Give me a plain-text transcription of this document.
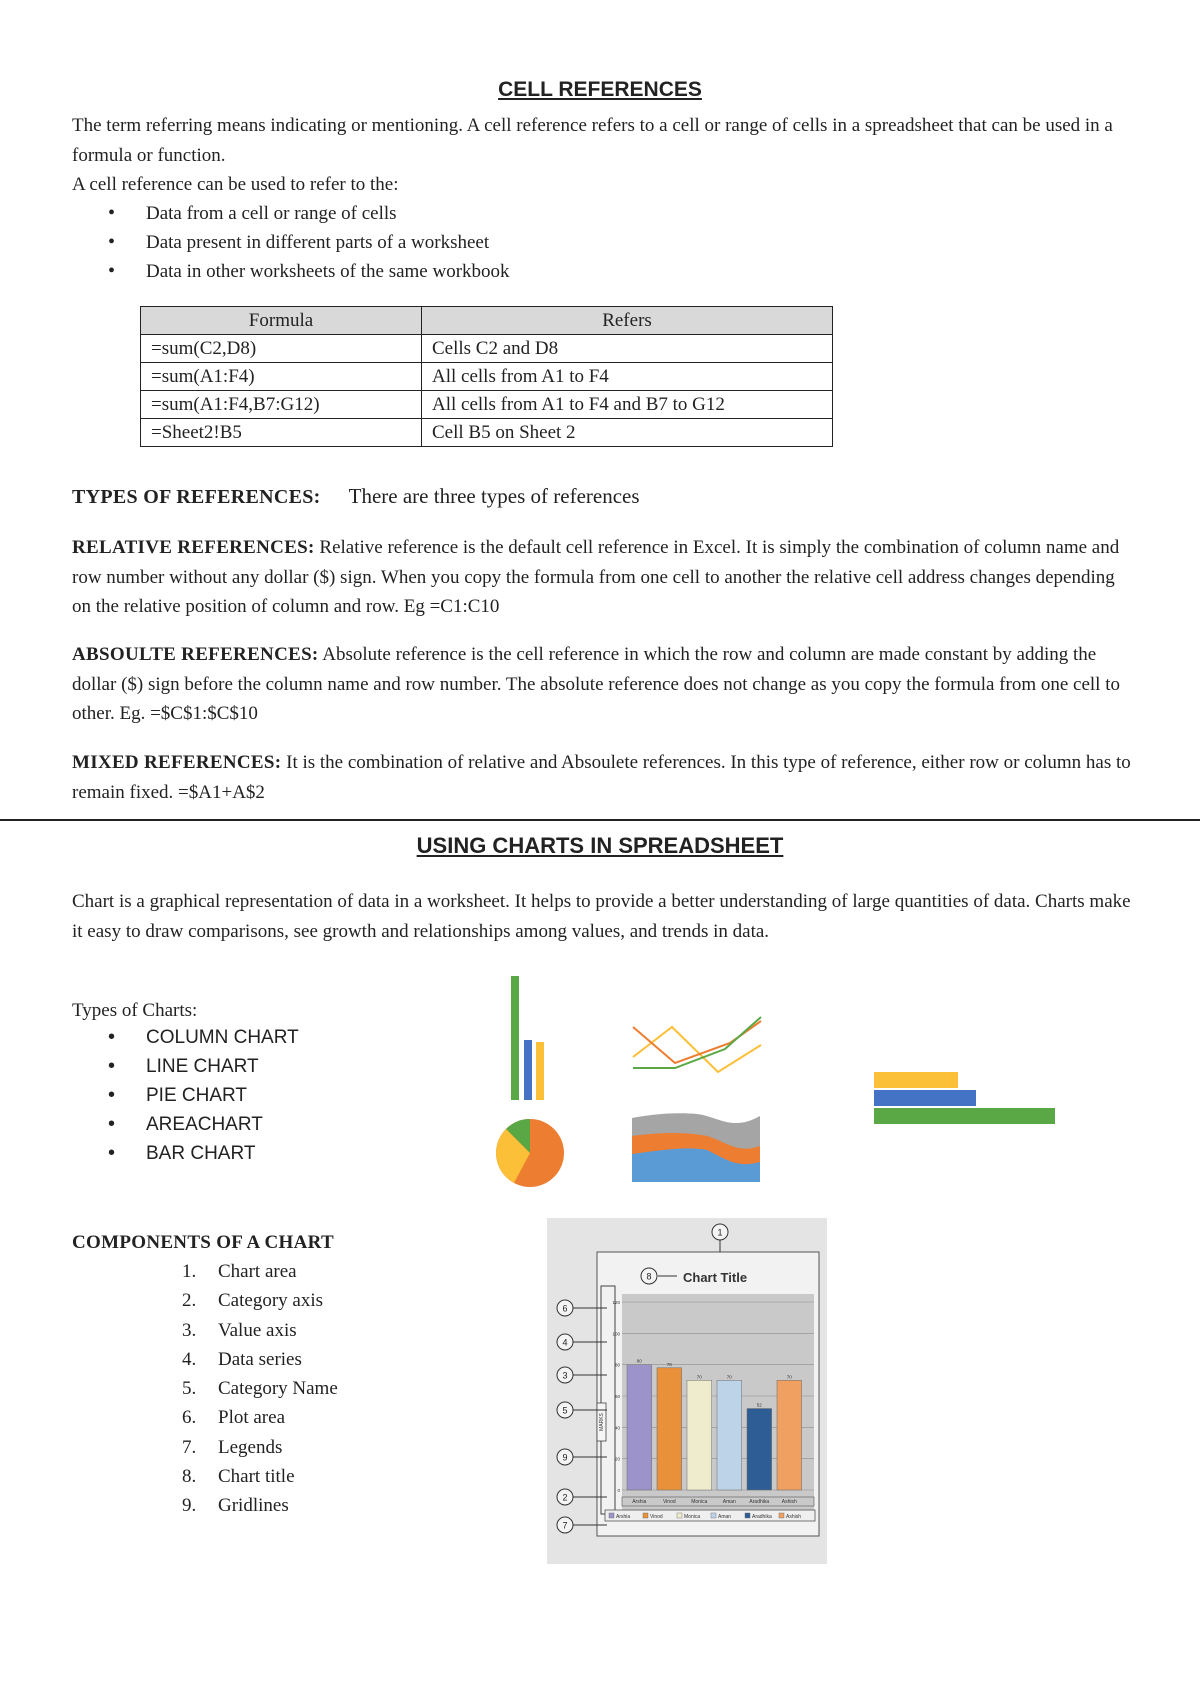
CELL REFERENCES

The term referring means indicating or mentioning. A cell reference refers to a cell or range of cells in a spreadsheet that can be used in a formula or function.

A cell reference can be used to refer to the:

• Data from a cell or range of cells
• Data present in different parts of a worksheet
• Data in other worksheets of the same workbook
Formula	Refers
=sum(C2,D8)	Cells C2 and D8
=sum(A1:F4)	All cells from A1 to F4
=sum(A1:F4,B7:G12)	All cells from A1 to F4 and B7 to G12
=Sheet2!B5	Cell B5 on Sheet 2

TYPES OF REFERENCES: There are three types of references

RELATIVE REFERENCES: Relative reference is the default cell reference in Excel. It is simply the combination of column name and row number without any dollar ($) sign. When you copy the formula from one cell to another the relative cell address changes depending on the relative position of column and row. Eg =C1:C10

ABSOULTE REFERENCES: Absolute reference is the cell reference in which the row and column are made constant by adding the dollar ($) sign before the column name and row number. The absolute reference does not change as you copy the formula from one cell to other. Eg. =$C$1:$C$10

MIXED REFERENCES: It is the combination of relative and Absoulete references. In this type of reference, either row or column has to remain fixed. =$A1+A$2

USING CHARTS IN SPREADSHEET

Chart is a graphical representation of data in a worksheet. It helps to provide a better understanding of large quantities of data. Charts make it easy to draw comparisons, see growth and relationships among values, and trends in data.

Types of Charts:

• COLUMN CHART
• LINE CHART
• PIE CHART
• AREACHART
• BAR CHART
COMPONENTS OF A CHART
1. Chart area
2. Category axis
3. Value axis
4. Data series
5. Category Name
6. Plot area
7. Legends
8. Chart title
9. Gridlines
MARKS
120
100
80
60
40
20
0
80
78
70	70
52
70
Arshia	Vinod	Monica	Aman	Aradhika	Ashish
Arshia	Vinod	Monica	Aman	Aradhika	Ashish
Chart Title
1
8
6
4
3
5
9
2
7
